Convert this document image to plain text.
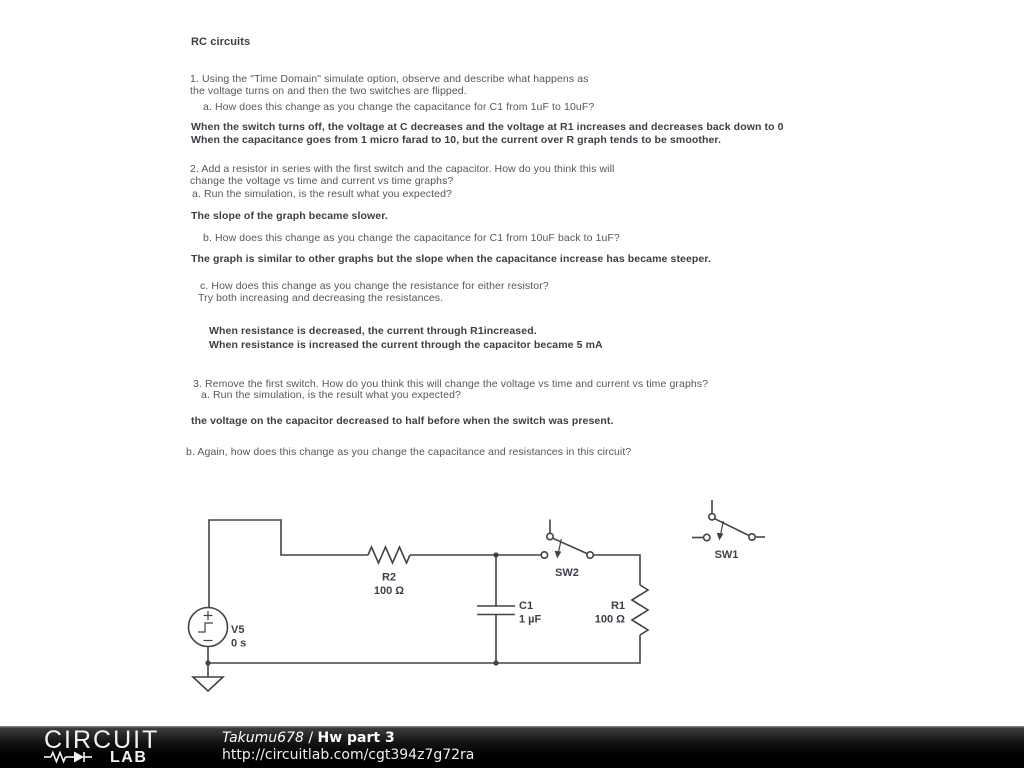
RC circuits
1. Using the "Time Domain" simulate option, observe and describe what happens as
the voltage turns on and then the two switches are flipped.
a. How does this change as you change the capacitance for C1 from 1uF to 10uF?
When the switch turns off, the voltage at C decreases and the voltage at R1 increases and decreases back down to 0
When the capacitance goes from 1 micro farad to 10, but the current over R graph tends to be smoother.
2. Add a resistor in series with the first switch and the capacitor. How do you think this will
change the voltage vs time and current vs time graphs?
a. Run the simulation, is the result what you expected?
The slope of the graph became slower.
b. How does this change as you change the capacitance for C1 from 10uF back to 1uF?
The graph is similar to other graphs but the slope when the capacitance increase has became steeper.
c. How does this change as you change the resistance for either resistor?
Try both increasing and decreasing the resistances.
When resistance is decreased, the current through R1increased.
When resistance is increased the current through the capacitor became 5 mA
3. Remove the first switch. How do you think this will change the voltage vs time and current vs time graphs?
a. Run the simulation, is the result what you expected?
the voltage on the capacitor decreased to half before when the switch was present.
b. Again, how does this change as you change the capacitance and resistances in this circuit?
V5
0 s
R2
100 Ω
C1
1 µF
R1
100 Ω
SW2
SW1
CIRCUIT
LAB
Takumu678 / Hw part 3
http://circuitlab.com/cgt394z7g72ra
